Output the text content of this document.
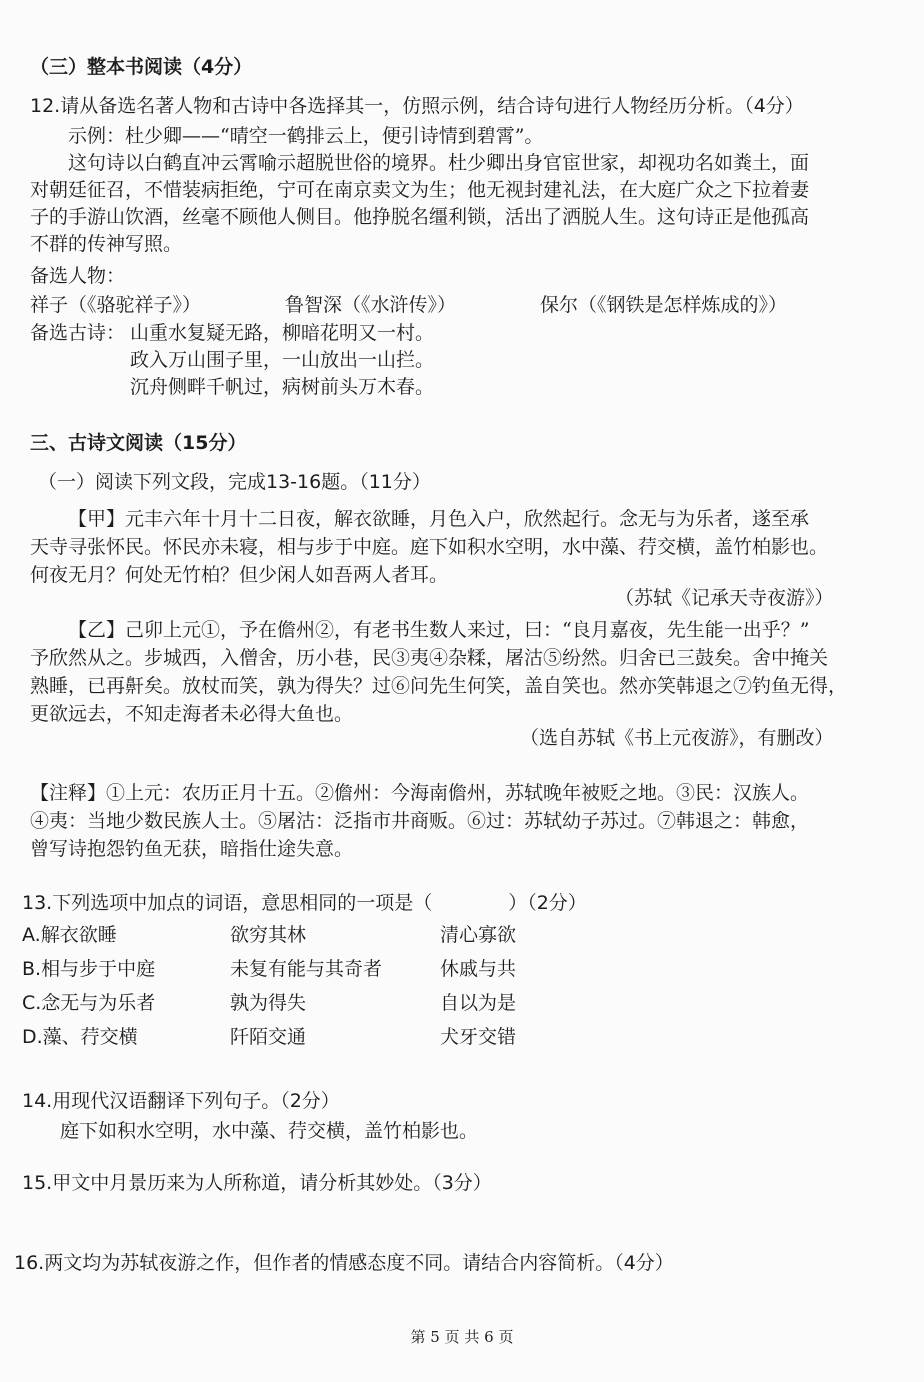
（三）整本书阅读（4分）
12.请从备选名著人物和古诗中各选择其一，仿照示例，结合诗句进行人物经历分析。（4分）
示例：杜少卿——“晴空一鹤排云上，便引诗情到碧霄”。
这句诗以白鹤直冲云霄喻示超脱世俗的境界。杜少卿出身官宦世家，却视功名如粪土，面
对朝廷征召，不惜装病拒绝，宁可在南京卖文为生；他无视封建礼法，在大庭广众之下拉着妻
子的手游山饮酒，丝毫不顾他人侧目。他挣脱名缰利锁，活出了洒脱人生。这句诗正是他孤高
不群的传神写照。
备选人物：
祥子（《骆驼祥子》）	鲁智深（《水浒传》）	保尔（《钢铁是怎样炼成的》）
备选古诗： 山重水复疑无路，柳暗花明又一村。
政入万山围子里，一山放出一山拦。
沉舟侧畔千帆过，病树前头万木春。
三、古诗文阅读（15分）
（一）阅读下列文段，完成13-16题。（11分）
【甲】元丰六年十月十二日夜，解衣欲睡，月色入户，欣然起行。念无与为乐者，遂至承
天寺寻张怀民。怀民亦未寝，相与步于中庭。庭下如积水空明，水中藻、荇交横，盖竹柏影也。
何夜无月？何处无竹柏？但少闲人如吾两人者耳。
（苏轼《记承天寺夜游》）
【乙】己卯上元①，予在儋州②，有老书生数人来过，曰：“良月嘉夜，先生能一出乎？”
予欣然从之。步城西，入僧舍，历小巷，民③夷④杂糅，屠沽⑤纷然。归舍已三鼓矣。舍中掩关
熟睡，已再鼾矣。放杖而笑，孰为得失？过⑥问先生何笑，盖自笑也。然亦笑韩退之⑦钓鱼无得，
更欲远去，不知走海者未必得大鱼也。
（选自苏轼《书上元夜游》，有删改）
【注释】①上元：农历正月十五。②儋州：今海南儋州，苏轼晚年被贬之地。③民：汉族人。
④夷：当地少数民族人士。⑤屠沽：泛指市井商贩。⑥过：苏轼幼子苏过。⑦韩退之：韩愈，
曾写诗抱怨钓鱼无获，暗指仕途失意。
13.下列选项中加点的词语，意思相同的一项是（　　　　）（2分）
A.解衣欲睡	欲穷其林	清心寡欲
B.相与步于中庭	未复有能与其奇者	休戚与共
C.念无与为乐者	孰为得失	自以为是
D.藻、荇交横	阡陌交通	犬牙交错
14.用现代汉语翻译下列句子。（2分）
庭下如积水空明，水中藻、荇交横，盖竹柏影也。
15.甲文中月景历来为人所称道，请分析其妙处。（3分）
16.两文均为苏轼夜游之作，但作者的情感态度不同。请结合内容简析。（4分）
第 5 页 共 6 页
